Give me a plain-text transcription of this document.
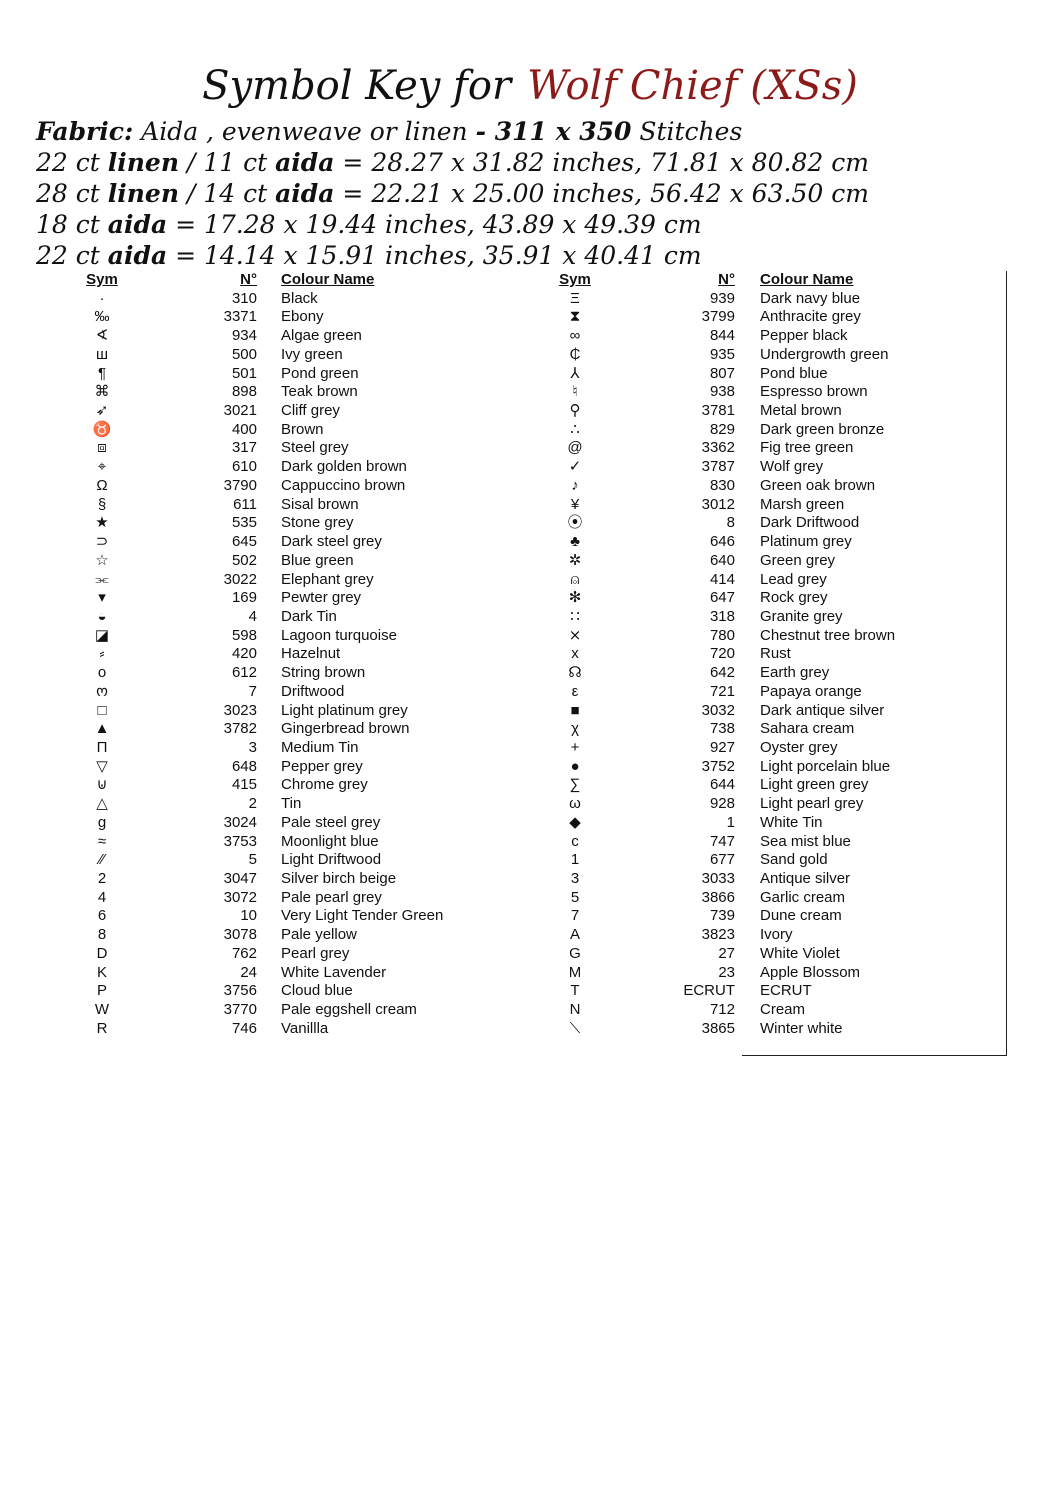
Symbol Key for Wolf Chief (XSs)
Fabric: Aida , evenweave or linen - 311 x 350 Stitches
22 ct linen / 11 ct aida = 28.27 x 31.82 inches, 71.81 x 80.82 cm
28 ct linen / 14 ct aida = 22.21 x 25.00 inches, 56.42 x 63.50 cm
18 ct aida = 17.28 x 19.44 inches, 43.89 x 49.39 cm
22 ct aida = 14.14 x 15.91 inches, 35.91 x 40.41 cm
Sym	N° Colour Name
·	310 Black
‰	3371 Ebony
∢	934 Algae green
ш	500 Ivy green
¶	501 Pond green
⌘	898 Teak brown
➶	3021 Cliff grey
♉	400 Brown
⧈	317 Steel grey
⌖	610 Dark golden brown
Ω	3790 Cappuccino brown
§	611 Sisal brown
★	535 Stone grey
⊃	645 Dark steel grey
☆	502 Blue green
⫘	3022 Elephant grey
▾	169 Pewter grey
◒	4 Dark Tin
◪	598 Lagoon turquoise
⸗	420 Hazelnut
o	612 String brown
ო	7 Driftwood
□	3023 Light platinum grey
▲	3782 Gingerbread brown
Π	3 Medium Tin
▽	648 Pepper grey
⊍	415 Chrome grey
△	2 Tin
g	3024 Pale steel grey
≈	3753 Moonlight blue
⁄⁄	5 Light Driftwood
2	3047 Silver birch beige
4	3072 Pale pearl grey
6	10 Very Light Tender Green
8	3078 Pale yellow
D	762 Pearl grey
K	24 White Lavender
P	3756 Cloud blue
W	3770 Pale eggshell cream
R	746 Vanillla
Sym	N° Colour Name
Ξ	939 Dark navy blue
⧗	3799 Anthracite grey
∞	844 Pepper black
₵	935 Undergrowth green
⅄	807 Pond blue
♮	938 Espresso brown
⚲	3781 Metal brown
∴	829 Dark green bronze
@	3362 Fig tree green
✓	3787 Wolf grey
♪	830 Green oak brown
¥	3012 Marsh green
⦿	8 Dark Driftwood
♣	646 Platinum grey
✲	640 Green grey
⍝	414 Lead grey
✻	647 Rock grey
∷	318 Granite grey
⨯	780 Chestnut tree brown
x	720 Rust
☊	642 Earth grey
ε	721 Papaya orange
■	3032 Dark antique silver
χ	738 Sahara cream
+	927 Oyster grey
●	3752 Light porcelain blue
∑	644 Light green grey
ω	928 Light pearl grey
◆	1 White Tin
ϲ	747 Sea mist blue
1	677 Sand gold
3	3033 Antique silver
5	3866 Garlic cream
7	739 Dune cream
A	3823 Ivory
G	27 White Violet
M	23 Apple Blossom
T	ECRUT ECRUT
N	712 Cream
⟍	3865 Winter white
